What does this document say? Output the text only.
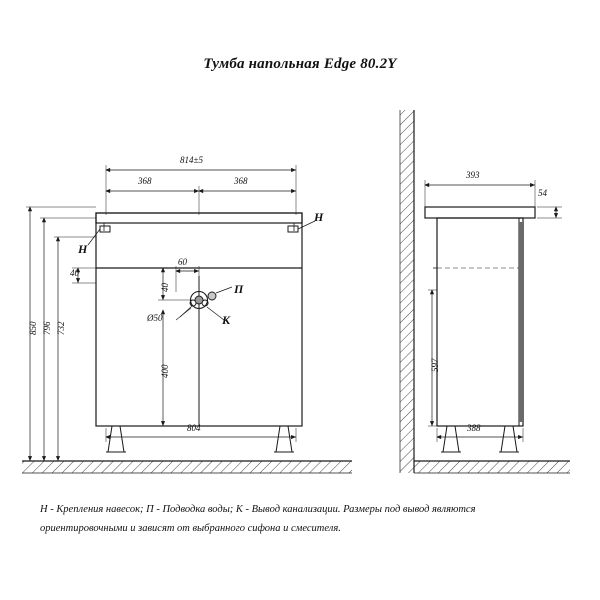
Тумба напольная Edge 80.2Y
814±5
368	368
804
850 796 732
40
60
40
400
Ø50
Н
Н
П
К
393
54
597
388
Н - Крепления навесок; П - Подводка воды; К - Вывод канализации. Размеры под вывод являются ориентировочными и зависят от выбранного сифона и смесителя.
